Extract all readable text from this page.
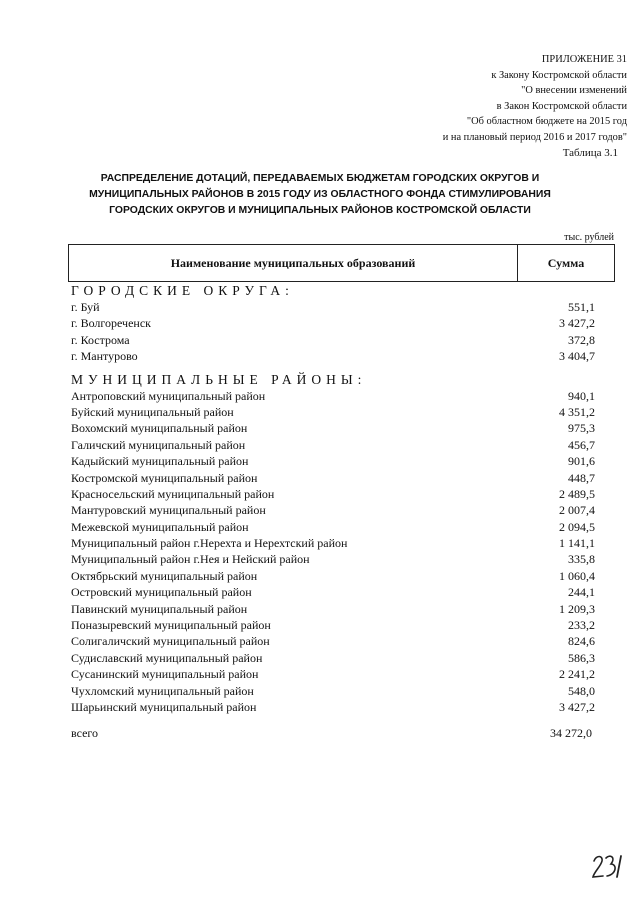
ПРИЛОЖЕНИЕ 31
к Закону Костромской области
"О внесении изменений
в Закон Костромской области
"Об областном бюджете на 2015 год
и на плановый период 2016 и 2017 годов"
Таблица 3.1
РАСПРЕДЕЛЕНИЕ ДОТАЦИЙ, ПЕРЕДАВАЕМЫХ БЮДЖЕТАМ ГОРОДСКИХ ОКРУГОВ И
МУНИЦИПАЛЬНЫХ РАЙОНОВ В 2015 ГОДУ ИЗ ОБЛАСТНОГО ФОНДА СТИМУЛИРОВАНИЯ
ГОРОДСКИХ ОКРУГОВ И МУНИЦИПАЛЬНЫХ РАЙОНОВ КОСТРОМСКОЙ ОБЛАСТИ
тыс. рублей
Наименование муниципальных образований	Сумма
ГОРОДСКИЕ ОКРУГА:
г. Буй	551,1
г. Волгореченск	3 427,2
г. Кострома	372,8
г. Мантурово	3 404,7
МУНИЦИПАЛЬНЫЕ РАЙОНЫ:
Антроповский муниципальный район	940,1
Буйский муниципальный район	4 351,2
Вохомский муниципальный район	975,3
Галичский муниципальный район	456,7
Кадыйский муниципальный район	901,6
Костромской муниципальный район	448,7
Красносельский муниципальный район	2 489,5
Мантуровский муниципальный район	2 007,4
Межевской муниципальный район	2 094,5
Муниципальный район г.Нерехта и Нерехтский район	1 141,1
Муниципальный район г.Нея и Нейский район	335,8
Октябрьский муниципальный район	1 060,4
Островский муниципальный район	244,1
Павинский муниципальный район	1 209,3
Поназыревский муниципальный район	233,2
Солигаличский муниципальный район	824,6
Судиславский муниципальный район	586,3
Сусанинский муниципальный район	2 241,2
Чухломский муниципальный район	548,0
Шарьинский муниципальный район	3 427,2
всего	34 272,0
